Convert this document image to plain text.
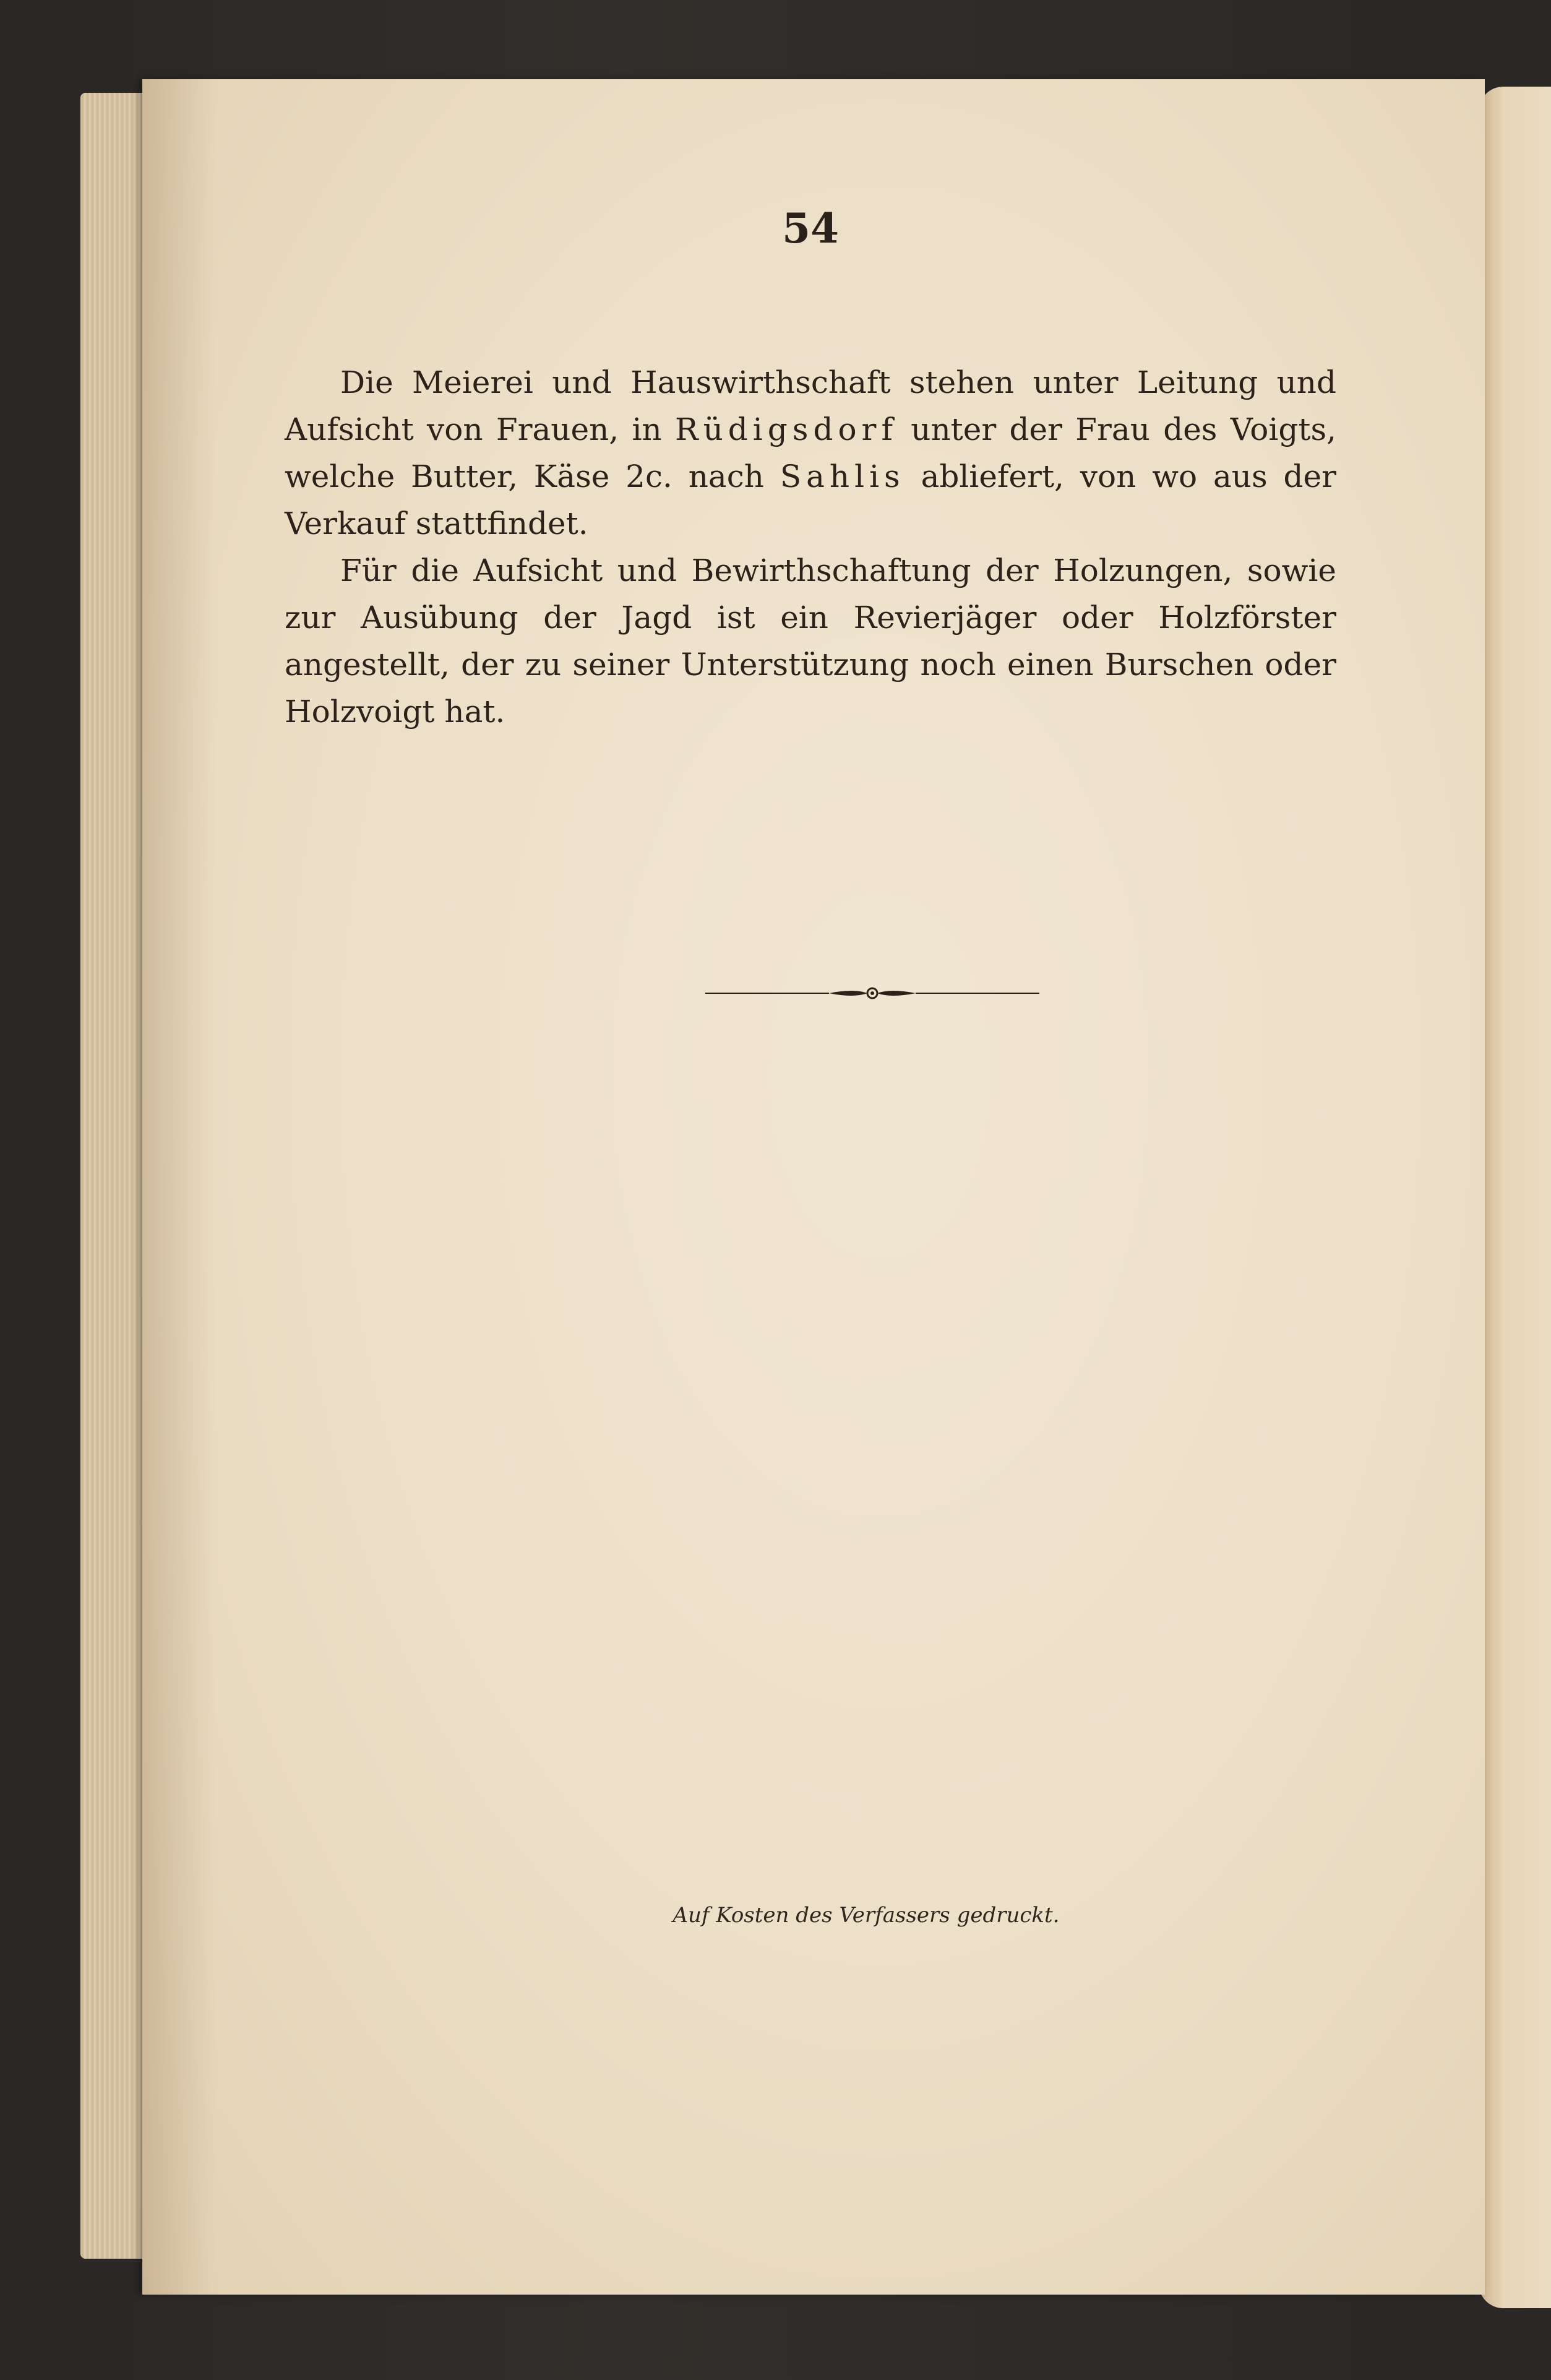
54

Die Meierei und Hauswirthschaft stehen unter Leitung und Aufsicht von Frauen, in Rüdigsdorf unter der Frau des Voigts, welche Butter, Käse 2c. nach Sahlis abliefert, von wo aus der Verkauf stattfindet.

Für die Aufsicht und Bewirthschaftung der Holzungen, sowie zur Ausübung der Jagd ist ein Revierjäger oder Holzförster angestellt, der zu seiner Unterstützung noch einen Burschen oder Holzvoigt hat.

Auf Kosten des Verfassers gedruckt.
